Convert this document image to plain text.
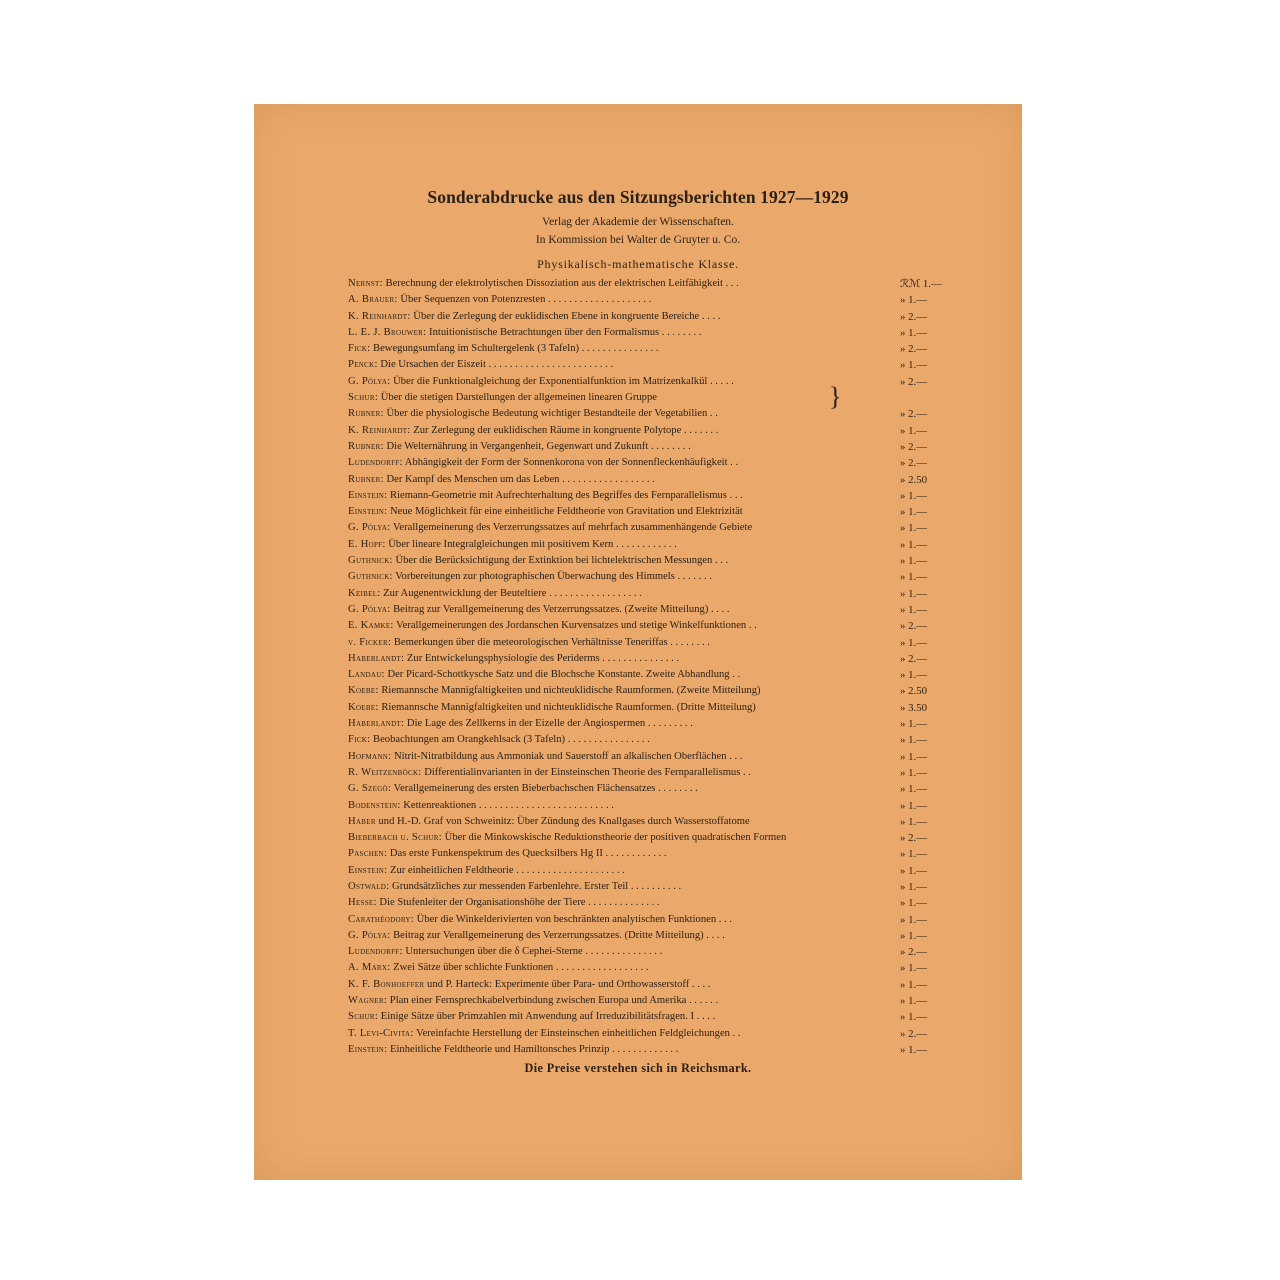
Sonderabdrucke aus den Sitzungsberichten 1927—1929
Verlag der Akademie der Wissenschaften.
In Kommission bei Walter de Gruyter u. Co.
Physikalisch-mathematische Klasse.
}
Nernst: Berechnung der elektrolytischen Dissoziation aus der elektrischen Leitfähigkeit . . .	ℛℳ 1.—
A. Brauer: Über Sequenzen von Potenzresten . . . . . . . . . . . . . . . . . . . .	» 1.—
K. Reinhardt: Über die Zerlegung der euklidischen Ebene in kongruente Bereiche . . . .	» 2.—
L. E. J. Brouwer: Intuitionistische Betrachtungen über den Formalismus . . . . . . . .	» 1.—
Fick: Bewegungsumfang im Schultergelenk (3 Tafeln) . . . . . . . . . . . . . . .	» 2.—
Penck: Die Ursachen der Eiszeit . . . . . . . . . . . . . . . . . . . . . . . .	» 1.—
G. Pólya: Über die Funktionalgleichung der Exponentialfunktion im Matrizenkalkül . . . . .	» 2.—
Schur: Über die stetigen Darstellungen der allgemeinen linearen Gruppe
Rubner: Über die physiologische Bedeutung wichtiger Bestandteile der Vegetabilien . .	» 2.—
K. Reinhardt: Zur Zerlegung der euklidischen Räume in kongruente Polytope . . . . . . .	» 1.—
Rubner: Die Welternährung in Vergangenheit, Gegenwart und Zukunft . . . . . . . .	» 2.—
Ludendorff: Abhängigkeit der Form der Sonnenkorona von der Sonnenfleckenhäufigkeit . .	» 2.—
Rubner: Der Kampf des Menschen um das Leben . . . . . . . . . . . . . . . . . .	» 2.50
Einstein: Riemann-Geometrie mit Aufrechterhaltung des Begriffes des Fernparallelismus . . .	» 1.—
Einstein: Neue Möglichkeit für eine einheitliche Feldtheorie von Gravitation und Elektrizität	» 1.—
G. Pólya: Verallgemeinerung des Verzerrungssatzes auf mehrfach zusammenhängende Gebiete	» 1.—
E. Hopf: Über lineare Integralgleichungen mit positivem Kern . . . . . . . . . . . .	» 1.—
Guthnick: Über die Berücksichtigung der Extinktion bei lichtelektrischen Messungen . . .	» 1.—
Guthnick: Vorbereitungen zur photographischen Überwachung des Himmels . . . . . . .	» 1.—
Keibel: Zur Augenentwicklung der Beuteltiere . . . . . . . . . . . . . . . . . .	» 1.—
G. Pólya: Beitrag zur Verallgemeinerung des Verzerrungssatzes. (Zweite Mitteilung) . . . .	» 1.—
E. Kamke: Verallgemeinerungen des Jordanschen Kurvensatzes und stetige Winkelfunktionen . .	» 2.—
v. Ficker: Bemerkungen über die meteorologischen Verhältnisse Teneriffas . . . . . . . .	» 1.—
Haberlandt: Zur Entwickelungsphysiologie des Periderms . . . . . . . . . . . . . . .	» 2.—
Landau: Der Picard-Schottkysche Satz und die Blochsche Konstante. Zweite Abhandlung . .	» 1.—
Koebe: Riemannsche Mannigfaltigkeiten und nichteuklidische Raumformen. (Zweite Mitteilung)	» 2.50
Koebe: Riemannsche Mannigfaltigkeiten und nichteuklidische Raumformen. (Dritte Mitteilung)	» 3.50
Haberlandt: Die Lage des Zellkerns in der Eizelle der Angiospermen . . . . . . . . .	» 1.—
Fick: Beobachtungen am Orangkehlsack (3 Tafeln) . . . . . . . . . . . . . . . .	» 1.—
Hofmann: Nitrit-Nitratbildung aus Ammoniak und Sauerstoff an alkalischen Oberflächen . . .	» 1.—
R. Weitzenböck: Differentialinvarianten in der Einsteinschen Theorie des Fernparallelismus . .	» 1.—
G. Szegö: Verallgemeinerung des ersten Bieberbachschen Flächensatzes . . . . . . . .	» 1.—
Bodenstein: Kettenreaktionen . . . . . . . . . . . . . . . . . . . . . . . . . .	» 1.—
Haber und H.-D. Graf von Schweinitz: Über Zündung des Knallgases durch Wasserstoffatome	» 1.—
Bieberbach u. Schur: Über die Minkowskische Reduktionstheorie der positiven quadratischen Formen	» 2.—
Paschen: Das erste Funkenspektrum des Quecksilbers Hg II . . . . . . . . . . . .	» 1.—
Einstein: Zur einheitlichen Feldtheorie . . . . . . . . . . . . . . . . . . . . .	» 1.—
Ostwald: Grundsätzliches zur messenden Farbenlehre. Erster Teil . . . . . . . . . .	» 1.—
Hesse: Die Stufenleiter der Organisationshöhe der Tiere . . . . . . . . . . . . . .	» 1.—
Carathéodory: Über die Winkelderivierten von beschränkten analytischen Funktionen . . .	» 1.—
G. Pólya: Beitrag zur Verallgemeinerung des Verzerrungssatzes. (Dritte Mitteilung) . . . .	» 1.—
Ludendorff: Untersuchungen über die δ Cephei-Sterne . . . . . . . . . . . . . . .	» 2.—
A. Marx: Zwei Sätze über schlichte Funktionen . . . . . . . . . . . . . . . . . .	» 1.—
K. F. Bonhoeffer und P. Harteck: Experimente über Para- und Orthowasserstoff . . . .	» 1.—
Wagner: Plan einer Fernsprechkabelverbindung zwischen Europa und Amerika . . . . . .	» 1.—
Schur: Einige Sätze über Primzahlen mit Anwendung auf Irreduzibilitätsfragen. I . . . .	» 1.—
T. Levi-Civita: Vereinfachte Herstellung der Einsteinschen einheitlichen Feldgleichungen . .	» 2.—
Einstein: Einheitliche Feldtheorie und Hamiltonsches Prinzip . . . . . . . . . . . . .	» 1.—
Die Preise verstehen sich in Reichsmark.
